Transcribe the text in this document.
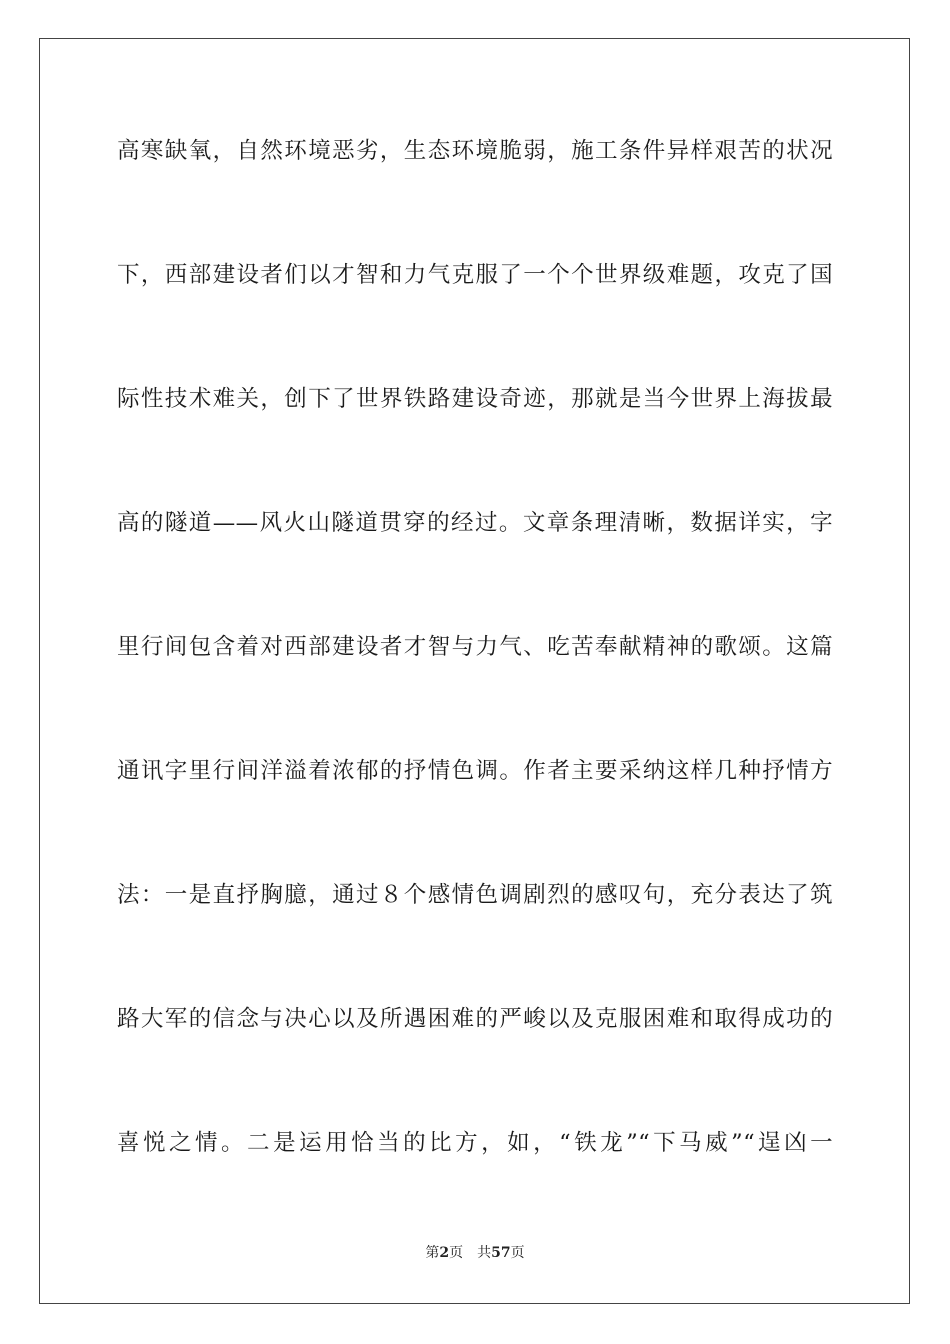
高寒缺氧，自然环境恶劣，生态环境脆弱，施工条件异样艰苦的状况
下，西部建设者们以才智和力气克服了一个个世界级难题，攻克了国
际性技术难关，创下了世界铁路建设奇迹，那就是当今世界上海拔最
高的隧道——风火山隧道贯穿的经过。文章条理清晰，数据详实，字
里行间包含着对西部建设者才智与力气、吃苦奉献精神的歌颂。这篇
通讯字里行间洋溢着浓郁的抒情色调。作者主要采纳这样几种抒情方
法：一是直抒胸臆，通过８个感情色调剧烈的感叹句，充分表达了筑
路大军的信念与决心以及所遇困难的严峻以及克服困难和取得成功的
喜悦之情。二是运用恰当的比方，如，“铁龙”“下马威”“逞凶一
第2页 共57页
